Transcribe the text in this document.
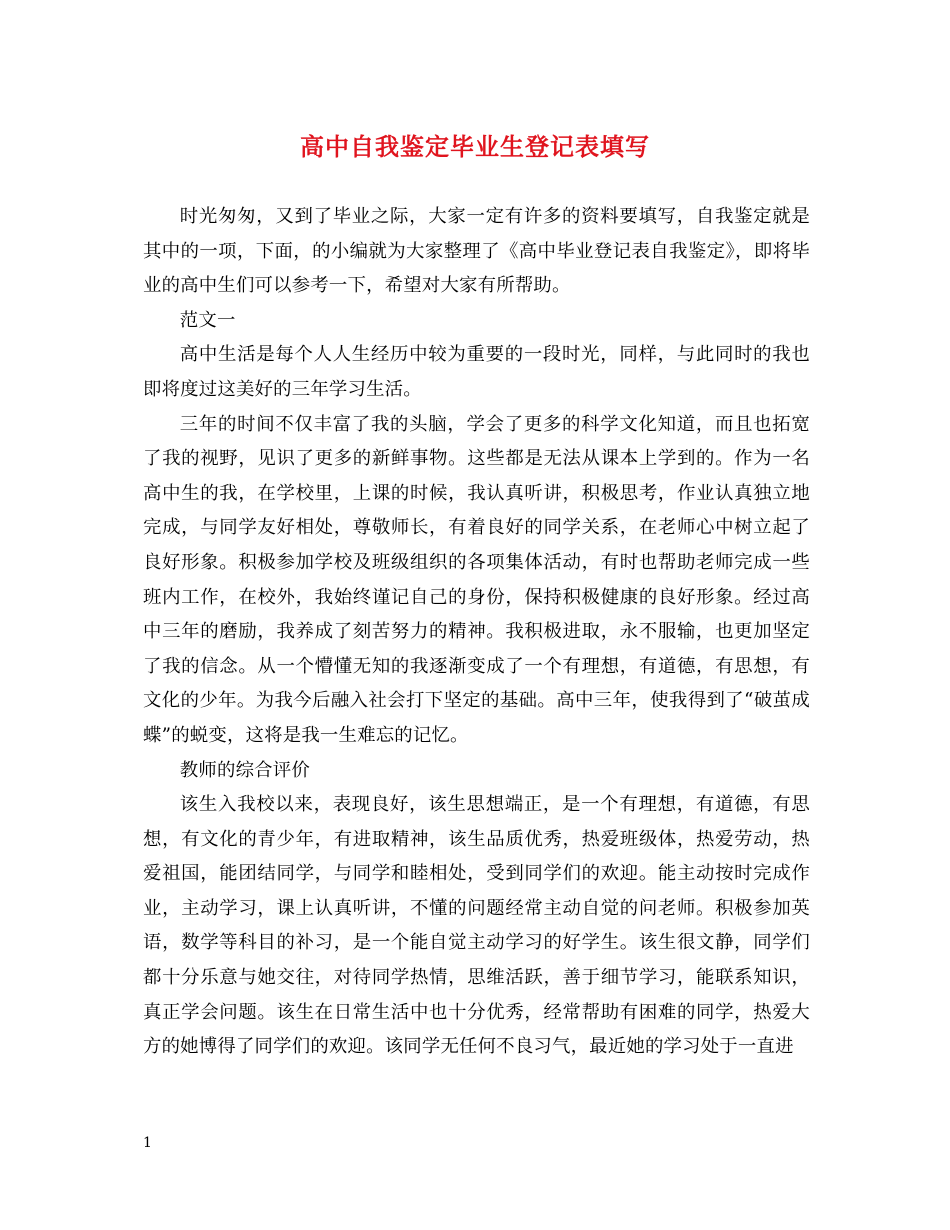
高中自我鉴定毕业生登记表填写

时光匆匆，又到了毕业之际，大家一定有许多的资料要填写，自我鉴定就是其中的一项，下面，的小编就为大家整理了《高中毕业登记表自我鉴定》，即将毕业的高中生们可以参考一下，希望对大家有所帮助。

范文一

高中生活是每个人人生经历中较为重要的一段时光，同样，与此同时的我也即将度过这美好的三年学习生活。

三年的时间不仅丰富了我的头脑，学会了更多的科学文化知道，而且也拓宽了我的视野，见识了更多的新鲜事物。这些都是无法从课本上学到的。作为一名高中生的我，在学校里，上课的时候，我认真听讲，积极思考，作业认真独立地完成，与同学友好相处，尊敬师长，有着良好的同学关系，在老师心中树立起了良好形象。积极参加学校及班级组织的各项集体活动，有时也帮助老师完成一些班内工作，在校外，我始终谨记自己的身份，保持积极健康的良好形象。经过高中三年的磨励，我养成了刻苦努力的精神。我积极进取，永不服输，也更加坚定了我的信念。从一个懵懂无知的我逐渐变成了一个有理想，有道德，有思想，有文化的少年。为我今后融入社会打下坚定的基础。高中三年，使我得到了“破茧成蝶”的蜕变，这将是我一生难忘的记忆。

教师的综合评价

该生入我校以来，表现良好，该生思想端正，是一个有理想，有道德，有思想，有文化的青少年，有进取精神，该生品质优秀，热爱班级体，热爱劳动，热爱祖国，能团结同学，与同学和睦相处，受到同学们的欢迎。能主动按时完成作业，主动学习，课上认真听讲，不懂的问题经常主动自觉的问老师。积极参加英语，数学等科目的补习，是一个能自觉主动学习的好学生。该生很文静，同学们都十分乐意与她交往，对待同学热情，思维活跃，善于细节学习，能联系知识，真正学会问题。该生在日常生活中也十分优秀，经常帮助有困难的同学，热爱大方的她博得了同学们的欢迎。该同学无任何不良习气，最近她的学习处于一直进

1
